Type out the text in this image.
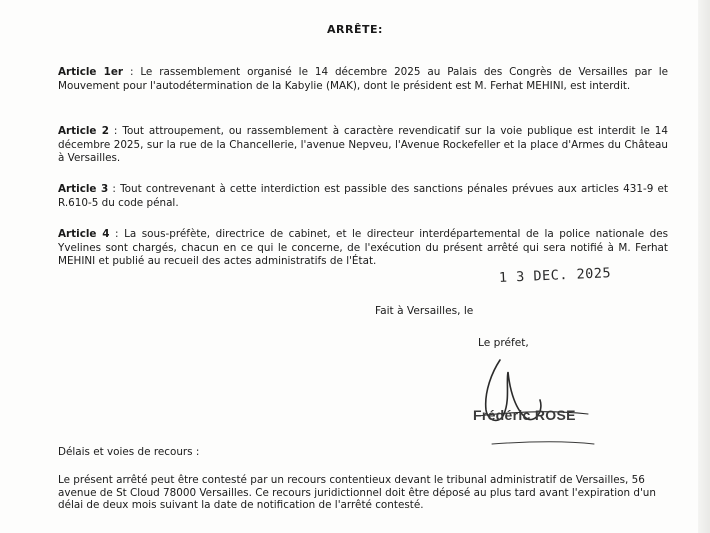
ARRÊTE:
Article 1er : Le rassemblement organisé le 14 décembre 2025 au Palais des Congrès de Versailles par le Mouvement pour l'autodétermination de la Kabylie (MAK), dont le président est M. Ferhat MEHINI, est interdit.
Article 2 : Tout attroupement, ou rassemblement à caractère revendicatif sur la voie publique est interdit le 14 décembre 2025, sur la rue de la Chancellerie, l'avenue Nepveu, l'Avenue Rockefeller et la place d'Armes du Château à Versailles.
Article 3 : Tout contrevenant à cette interdiction est passible des sanctions pénales prévues aux articles 431-9 et R.610-5 du code pénal.
Article 4 : La sous-préfète, directrice de cabinet, et le directeur interdépartemental de la police nationale des Yvelines sont chargés, chacun en ce qui le concerne, de l'exécution du présent arrêté qui sera notifié à M. Ferhat MEHINI et publié au recueil des actes administratifs de l'État.
1 3 DEC. 2025
Fait à Versailles, le
Le préfet,
Frédéric ROSE
Délais et voies de recours :
Le présent arrêté peut être contesté par un recours contentieux devant le tribunal administratif de Versailles, 56 avenue de St Cloud 78000 Versailles. Ce recours juridictionnel doit être déposé au plus tard avant l'expiration d'un délai de deux mois suivant la date de notification de l'arrêté contesté.
